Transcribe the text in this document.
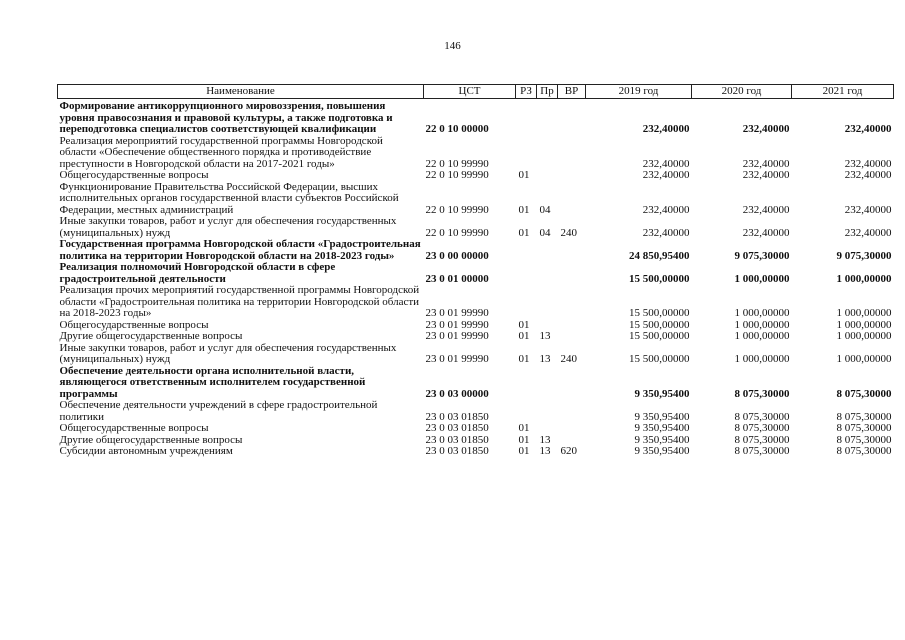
146
Наименование	ЦСТ	РЗ	Пр	ВР	2019 год	2020 год	2021 год
Формирование антикоррупционного мировоззрения, повышения уровня правосознания и правовой культуры, а также подготовка и переподготовка специалистов соответствующей квалификации	22 0 10 00000				232,40000	232,40000	232,40000
Реализация мероприятий государственной программы Новгородской области «Обеспечение общественного порядка и противодействие преступности в Новгородской области на 2017-2021 годы»	22 0 10 99990				232,40000	232,40000	232,40000
Общегосударственные вопросы	22 0 10 99990	01			232,40000	232,40000	232,40000
Функционирование Правительства Российской Федерации, высших исполнительных органов государственной власти субъектов Российской Федерации, местных администраций	22 0 10 99990	01	04		232,40000	232,40000	232,40000
Иные закупки товаров, работ и услуг для обеспечения государственных (муниципальных) нужд	22 0 10 99990	01	04	240	232,40000	232,40000	232,40000
Государственная программа Новгородской области «Градостроительная политика на территории Новгородской области на 2018-2023 годы»	23 0 00 00000				24 850,95400	9 075,30000	9 075,30000
Реализация полномочий Новгородской области в сфере градостроительной деятельности	23 0 01 00000				15 500,00000	1 000,00000	1 000,00000
Реализация прочих мероприятий государственной программы Новгородской области «Градостроительная политика на территории Новгородской области на 2018-2023 годы»	23 0 01 99990				15 500,00000	1 000,00000	1 000,00000
Общегосударственные вопросы	23 0 01 99990	01			15 500,00000	1 000,00000	1 000,00000
Другие общегосударственные вопросы	23 0 01 99990	01	13		15 500,00000	1 000,00000	1 000,00000
Иные закупки товаров, работ и услуг для обеспечения государственных (муниципальных) нужд	23 0 01 99990	01	13	240	15 500,00000	1 000,00000	1 000,00000
Обеспечение деятельности органа исполнительной власти, являющегося ответственным исполнителем государственной программы	23 0 03 00000				9 350,95400	8 075,30000	8 075,30000
Обеспечение деятельности учреждений в сфере градостроительной политики	23 0 03 01850				9 350,95400	8 075,30000	8 075,30000
Общегосударственные вопросы	23 0 03 01850	01			9 350,95400	8 075,30000	8 075,30000
Другие общегосударственные вопросы	23 0 03 01850	01	13		9 350,95400	8 075,30000	8 075,30000
Субсидии автономным учреждениям	23 0 03 01850	01	13	620	9 350,95400	8 075,30000	8 075,30000
